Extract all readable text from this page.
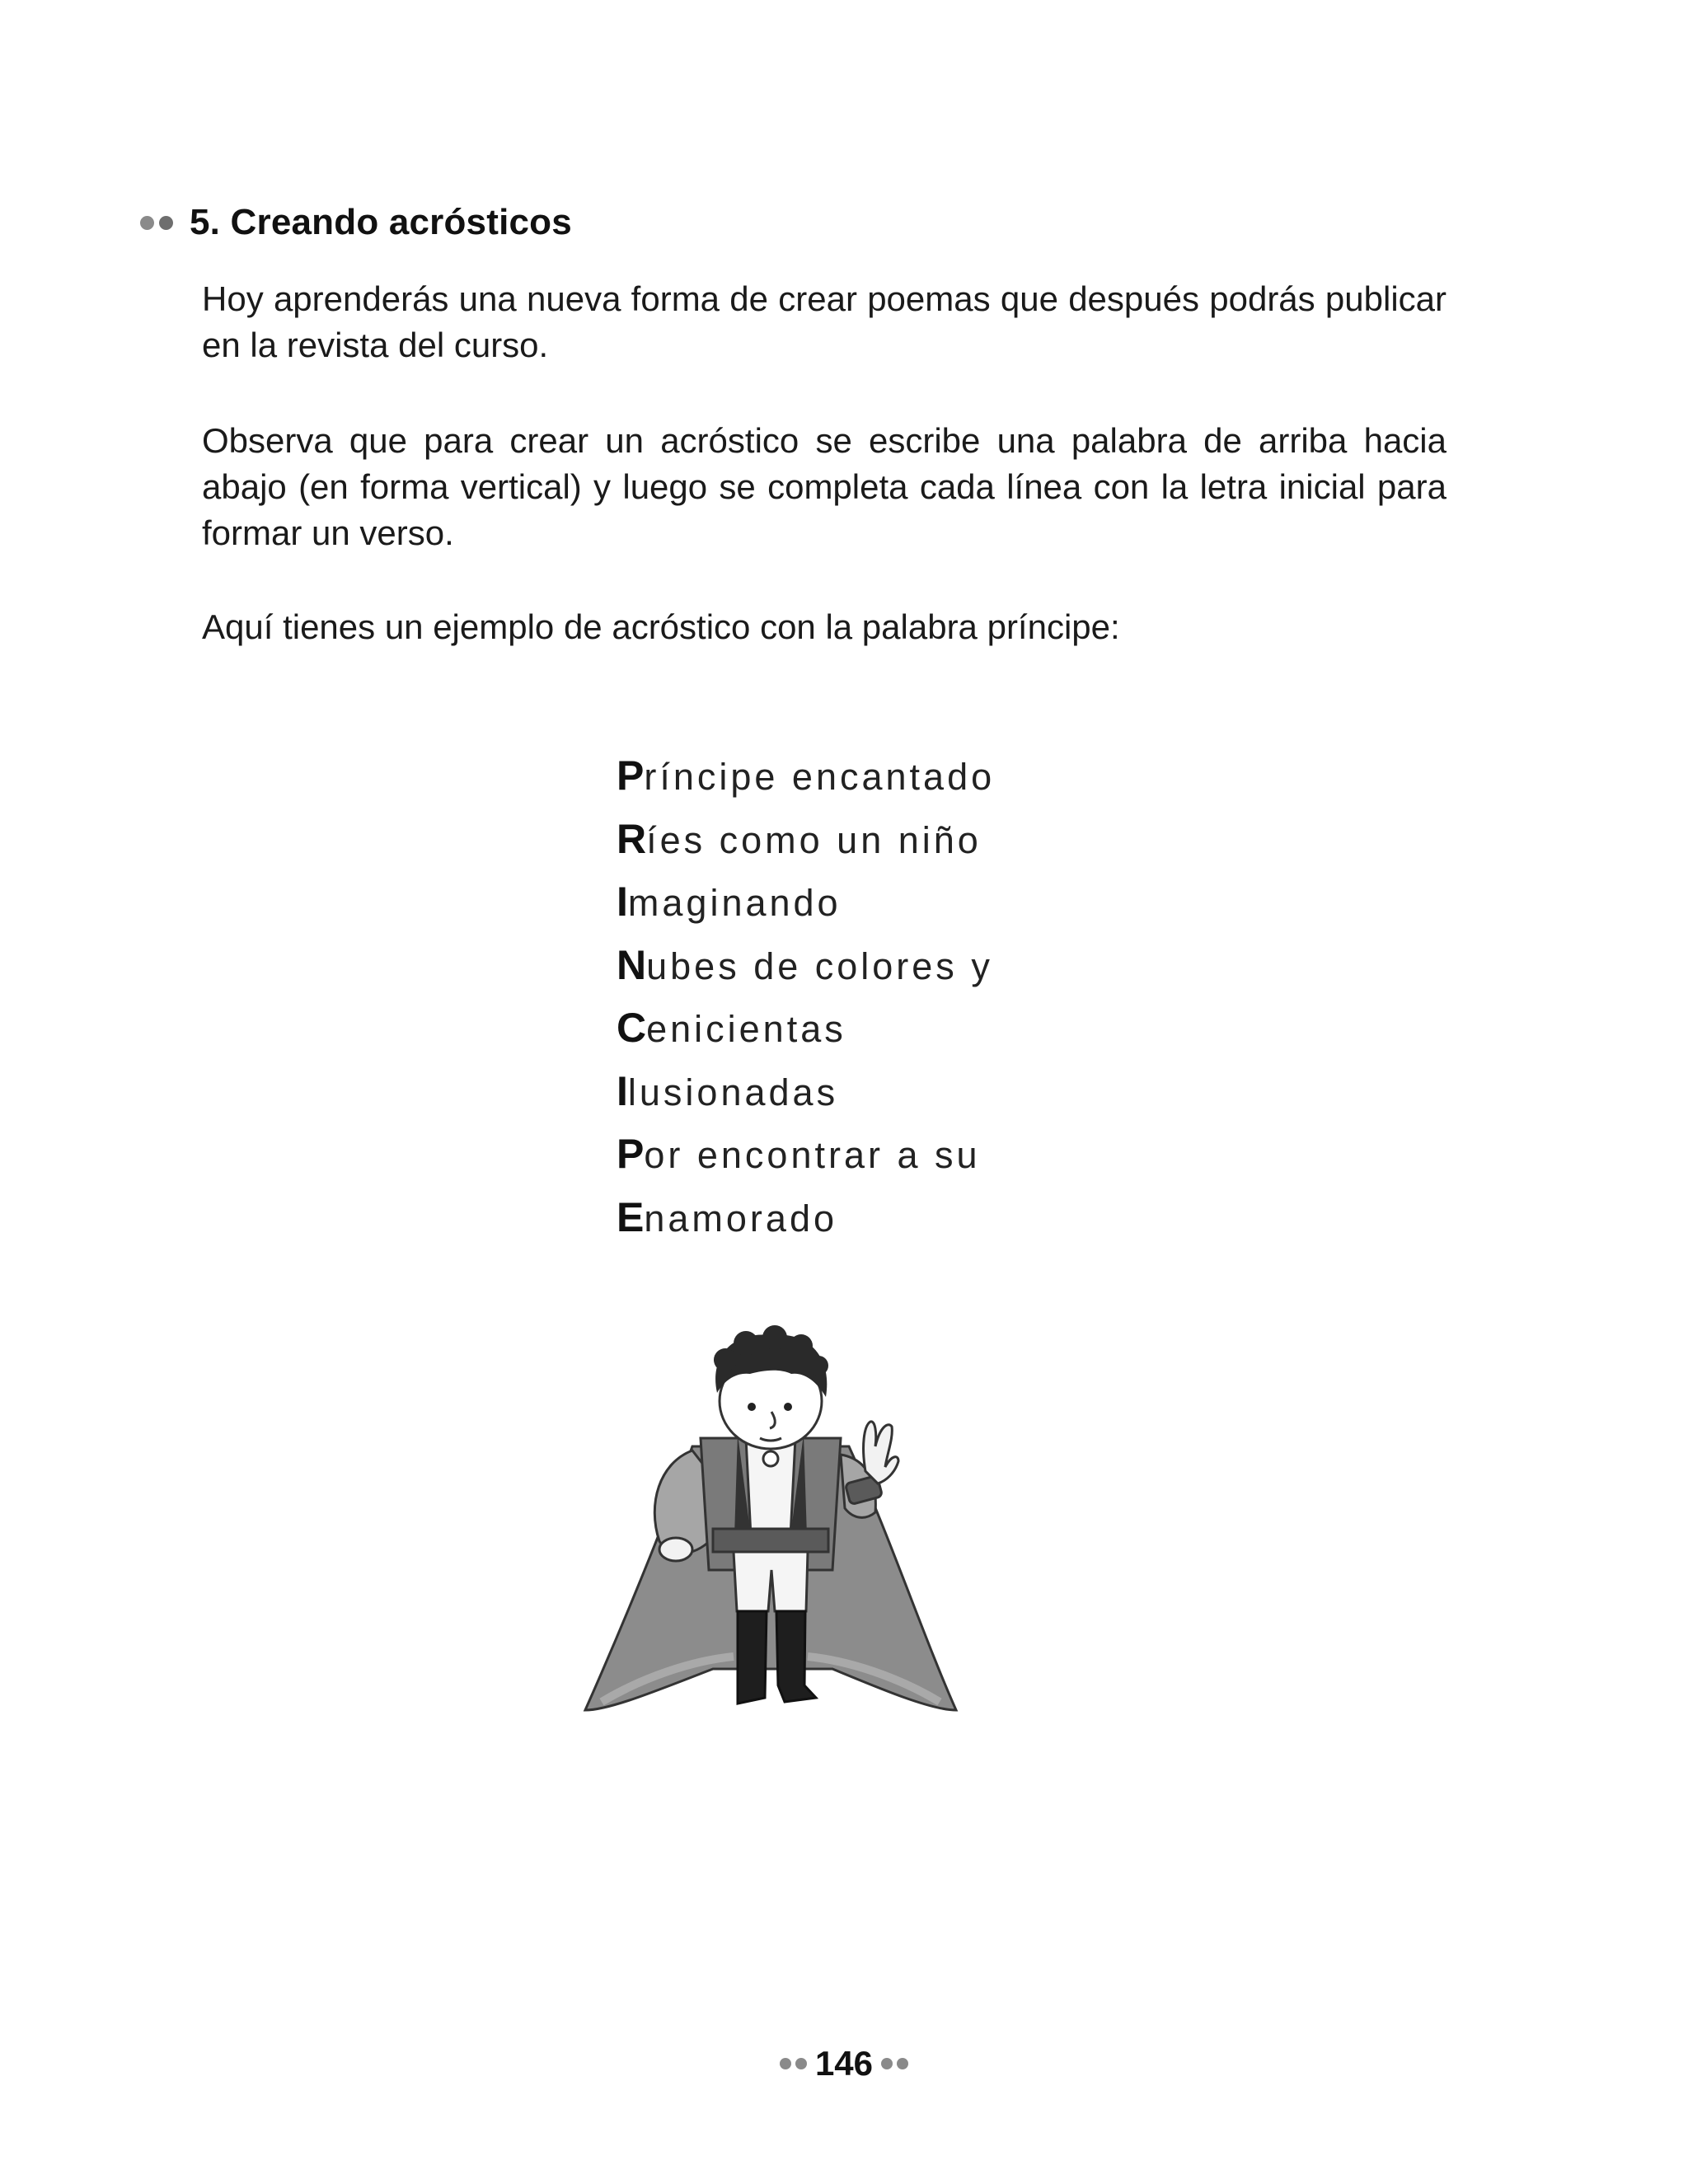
5. Creando acrósticos

Hoy aprenderás una nueva forma de crear poemas que después podrás publicar en la revista del curso.

Observa que para crear un acróstico se escribe una palabra de arriba hacia abajo (en forma vertical) y luego se completa cada línea con la letra inicial para formar un verso.

Aquí tienes un ejemplo de acróstico con la palabra príncipe:

Príncipe encantado
Ríes como un niño
Imaginando
Nubes de colores y
Cenicientas
Ilusionadas
Por encontrar a su
Enamorado
146
